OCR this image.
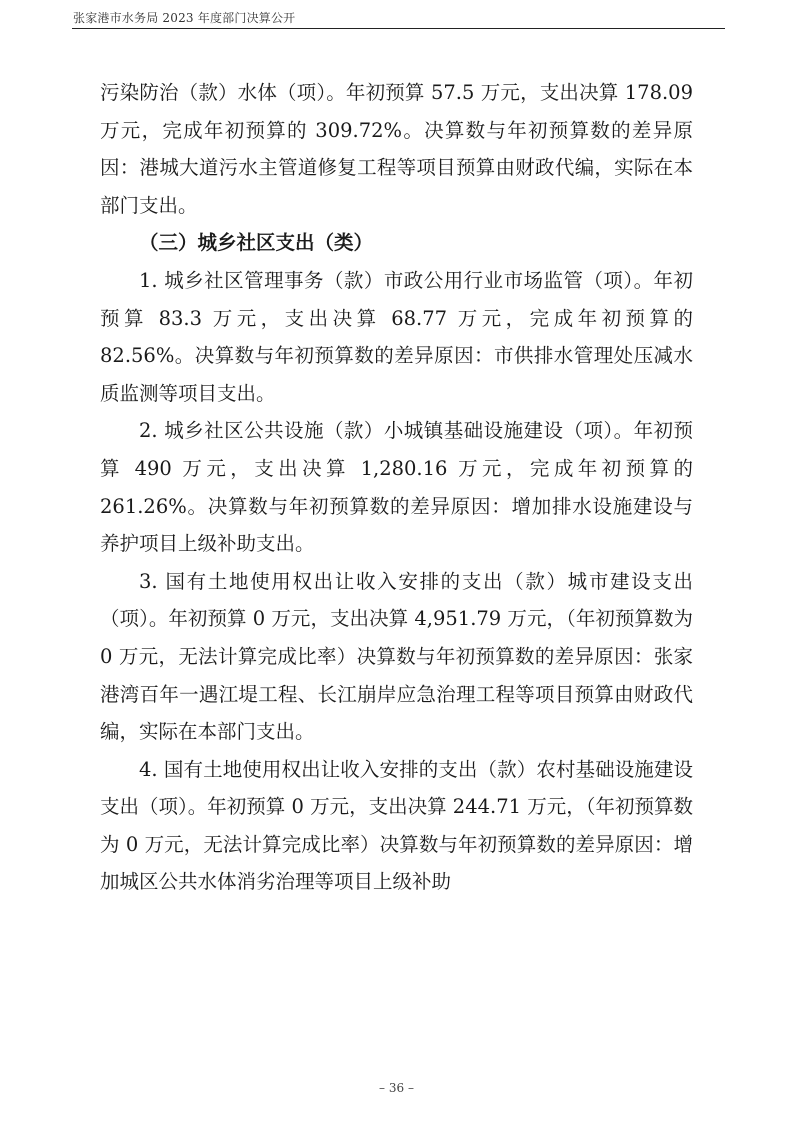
张家港市水务局 2023 年度部门决算公开

污染防治（款）水体（项）。年初预算 57.5 万元，支出决算 178.09 万元，完成年初预算的 309.72%。决算数与年初预算数的差异原因：港城大道污水主管道修复工程等项目预算由财政代编，实际在本部门支出。

（三）城乡社区支出（类）

1. 城乡社区管理事务（款）市政公用行业市场监管（项）。年初预算 83.3 万元，支出决算 68.77 万元，完成年初预算的 82.56%。决算数与年初预算数的差异原因：市供排水管理处压减水质监测等项目支出。

2. 城乡社区公共设施（款）小城镇基础设施建设（项）。年初预算 490 万元，支出决算 1,280.16 万元，完成年初预算的 261.26%。决算数与年初预算数的差异原因：增加排水设施建设与养护项目上级补助支出。

3. 国有土地使用权出让收入安排的支出（款）城市建设支出（项）。年初预算 0 万元，支出决算 4,951.79 万元，（年初预算数为 0 万元，无法计算完成比率）决算数与年初预算数的差异原因：张家港湾百年一遇江堤工程、长江崩岸应急治理工程等项目预算由财政代编，实际在本部门支出。

4. 国有土地使用权出让收入安排的支出（款）农村基础设施建设支出（项）。年初预算 0 万元，支出决算 244.71 万元，（年初预算数为 0 万元，无法计算完成比率）决算数与年初预算数的差异原因：增加城区公共水体消劣治理等项目上级补助

– 36 –
